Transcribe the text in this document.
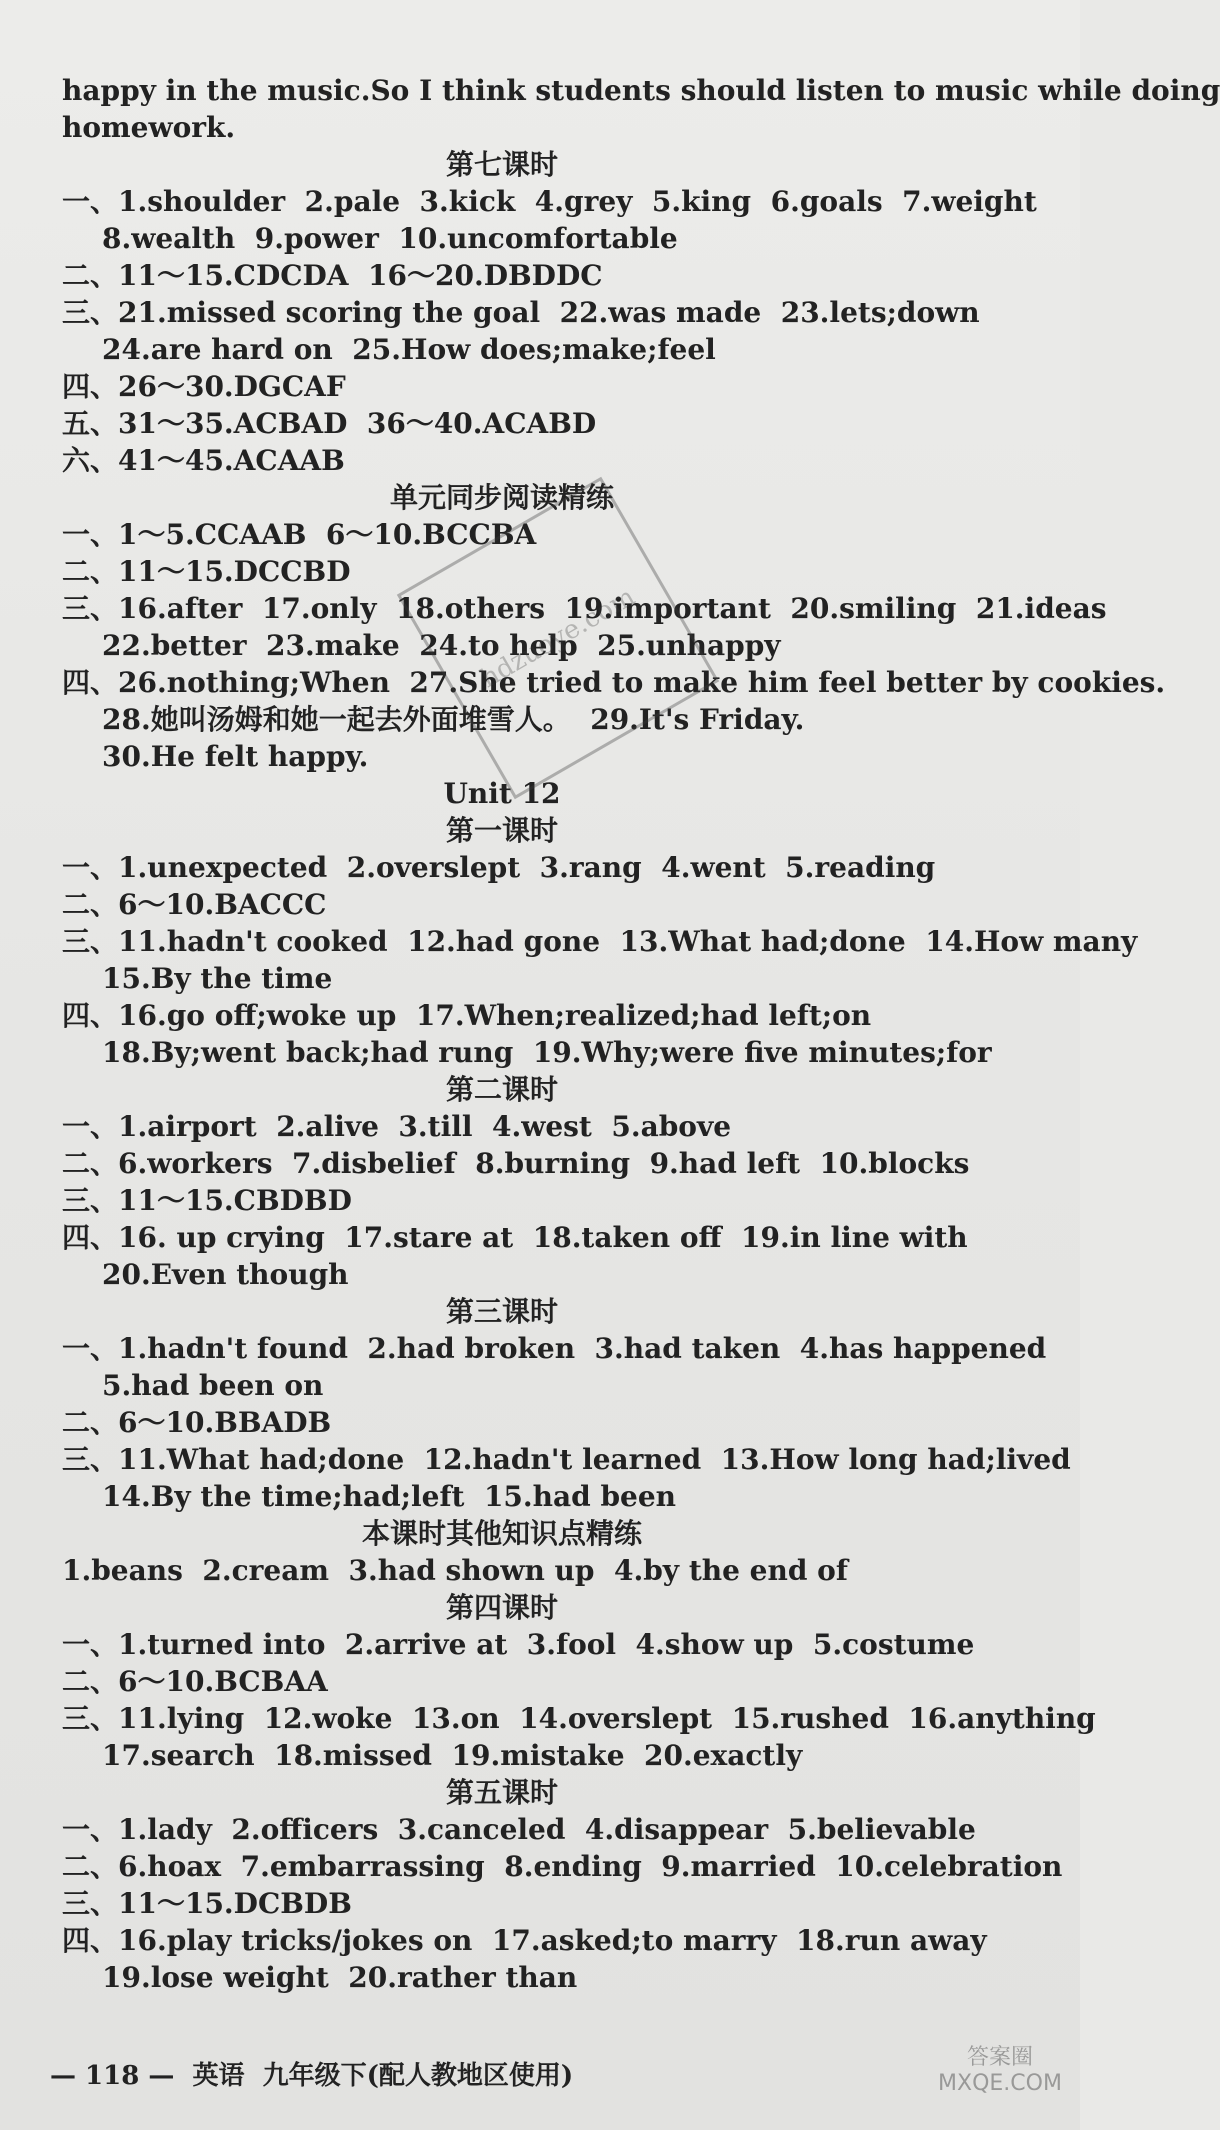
happy in the music.So I think students should listen to music while doing
homework.
第七课时
一、1.shoulder  2.pale  3.kick  4.grey  5.king  6.goals  7.weight
8.wealth  9.power  10.uncomfortable
二、11～15.CDCDA  16～20.DBDDC
三、21.missed scoring the goal  22.was made  23.lets;down
24.are hard on  25.How does;make;feel
四、26～30.DGCAF
五、31～35.ACBAD  36～40.ACABD
六、41～45.ACAAB
单元同步阅读精练
一、1～5.CCAAB  6～10.BCCBA
二、11～15.DCCBD
三、16.after  17.only  18.others  19.important  20.smiling  21.ideas
22.better  23.make  24.to help  25.unhappy
四、26.nothing;When  27.She tried to make him feel better by cookies.
28.她叫汤姆和她一起去外面堆雪人。  29.It's Friday.
30.He felt happy.
Unit 12
第一课时
一、1.unexpected  2.overslept  3.rang  4.went  5.reading
二、6～10.BACCC
三、11.hadn't cooked  12.had gone  13.What had;done  14.How many
15.By the time
四、16.go off;woke up  17.When;realized;had left;on
18.By;went back;had rung  19.Why;were five minutes;for
第二课时
一、1.airport  2.alive  3.till  4.west  5.above
二、6.workers  7.disbelief  8.burning  9.had left  10.blocks
三、11～15.CBDBD
四、16. up crying  17.stare at  18.taken off  19.in line with
20.Even though
第三课时
一、1.hadn't found  2.had broken  3.had taken  4.has happened
5.had been on
二、6～10.BBADB
三、11.What had;done  12.hadn't learned  13.How long had;lived
14.By the time;had;left  15.had been
本课时其他知识点精练
1.beans  2.cream  3.had shown up  4.by the end of
第四课时
一、1.turned into  2.arrive at  3.fool  4.show up  5.costume
二、6～10.BCBAA
三、11.lying  12.woke  13.on  14.overslept  15.rushed  16.anything
17.search  18.missed  19.mistake  20.exactly
第五课时
一、1.lady  2.officers  3.canceled  4.disappear  5.believable
二、6.hoax  7.embarrassing  8.ending  9.married  10.celebration
三、11～15.DCBDB
四、16.play tricks/jokes on  17.asked;to marry  18.run away
19.lose weight  20.rather than
hdzuoye.com
— 118 —  英语  九年级下(配人教地区使用)
答案圈 MXQE.COM
